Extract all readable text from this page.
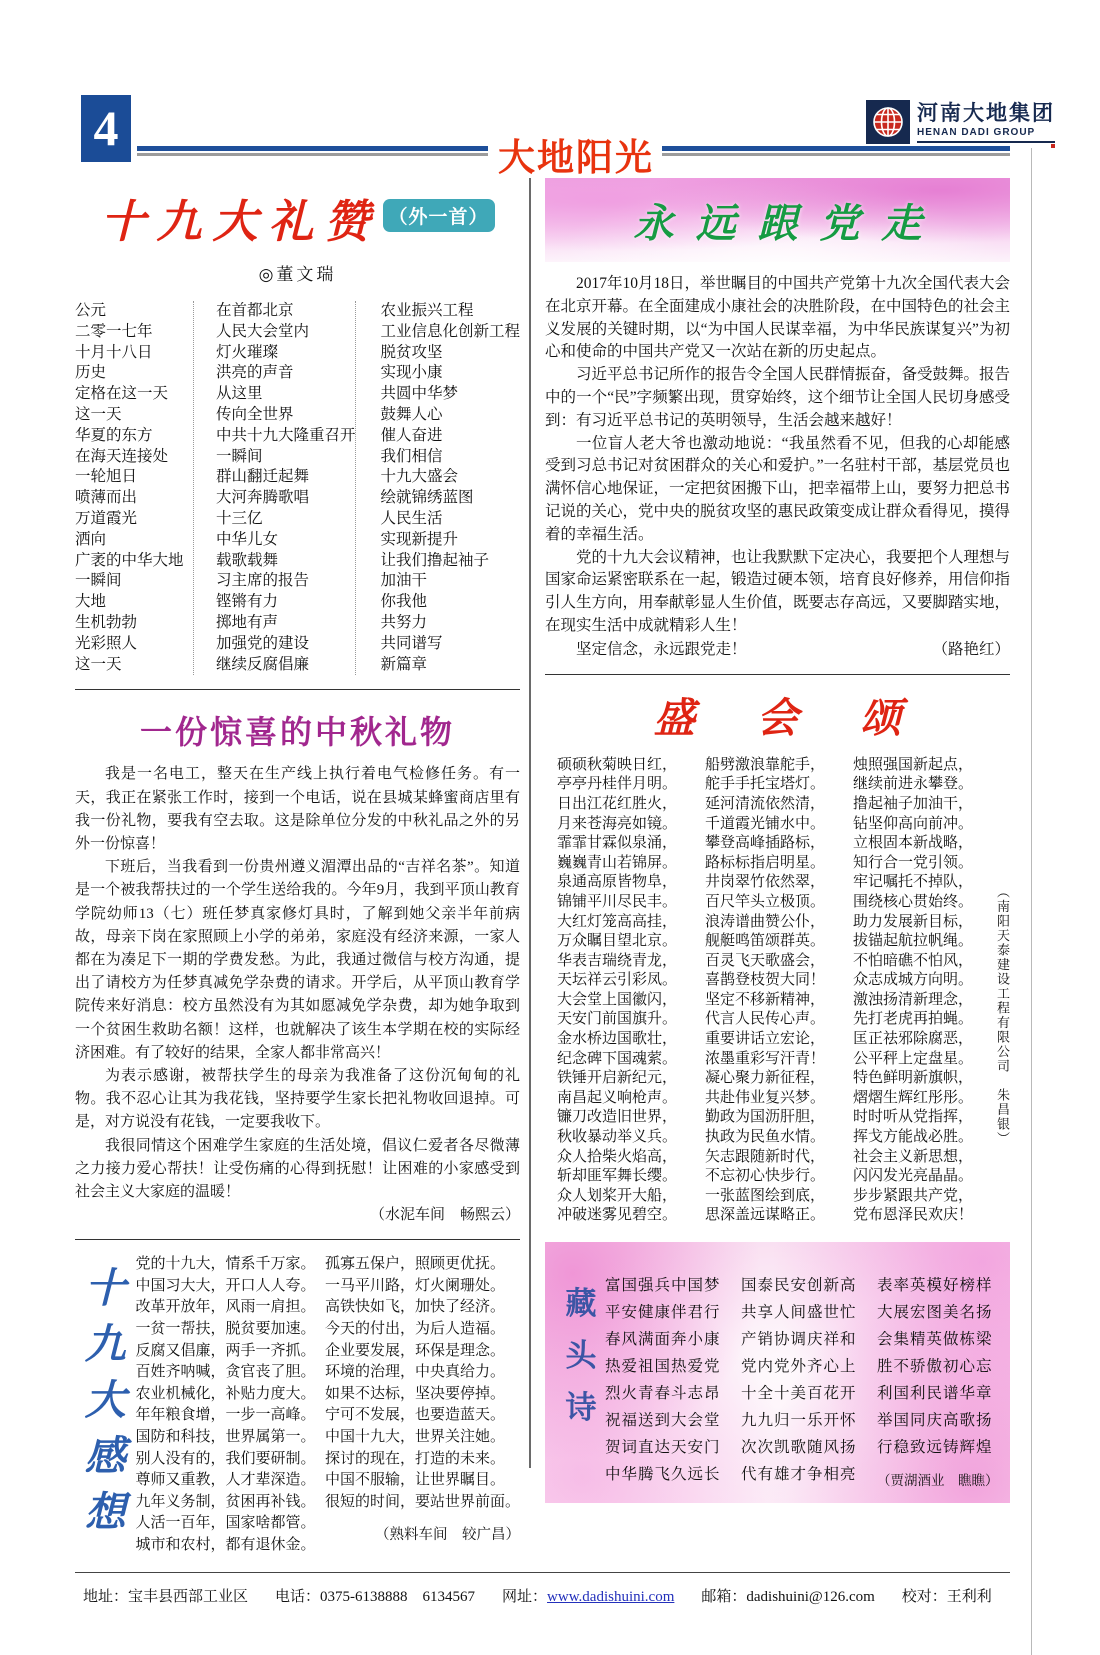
4
大地阳光
河南大地集团
HENAN DADI GROUP
十九大礼赞 （外一首）
◎董文瑞
公元
二零一七年
十月十八日
历史
定格在这一天
这一天
华夏的东方
在海天连接处
一轮旭日
喷薄而出
万道霞光
洒向
广袤的中华大地
一瞬间
大地
生机勃勃
光彩照人
这一天
在首都北京
人民大会堂内
灯火璀璨
洪亮的声音
从这里
传向全世界
中共十九大隆重召开
一瞬间
群山翻迁起舞
大河奔腾歌唱
十三亿
中华儿女
载歌载舞
习主席的报告
铿锵有力
掷地有声
加强党的建设
继续反腐倡廉
农业振兴工程
工业信息化创新工程
脱贫攻坚
实现小康
共圆中华梦
鼓舞人心
催人奋进
我们相信
十九大盛会
绘就锦绣蓝图
人民生活
实现新提升
让我们撸起袖子
加油干
你我他
共努力
共同谱写
新篇章
一份惊喜的中秋礼物
我是一名电工，整天在生产线上执行着电气检修任务。有一天，我正在紧张工作时，接到一个电话，说在县城某蜂蜜商店里有我一份礼物，要我有空去取。这是除单位分发的中秋礼品之外的另外一份惊喜！
下班后，当我看到一份贵州遵义湄潭出品的“吉祥名茶”。知道是一个被我帮扶过的一个学生送给我的。今年9月，我到平顶山教育学院幼师13（七）班任梦真家修灯具时，了解到她父亲半年前病故，母亲下岗在家照顾上小学的弟弟，家庭没有经济来源，一家人都在为凑足下一期的学费发愁。为此，我通过微信与校方沟通，提出了请校方为任梦真减免学杂费的请求。开学后，从平顶山教育学院传来好消息：校方虽然没有为其如愿减免学杂费，却为她争取到一个贫困生救助名额！这样，也就解决了该生本学期在校的实际经济困难。有了较好的结果，全家人都非常高兴！
为表示感谢，被帮扶学生的母亲为我准备了这份沉甸甸的礼物。我不忍心让其为我花钱，坚持要学生家长把礼物收回退掉。可是，对方说没有花钱，一定要我收下。
我很同情这个困难学生家庭的生活处境，倡议仁爱者各尽微薄之力接力爱心帮扶！让受伤痛的心得到抚慰！让困难的小家感受到社会主义大家庭的温暖！
（水泥车间　畅熙云）
十
九
大
感
想
党的十九大，情系千万家。
中国习大大，开口人人夸。
改革开放年，风雨一肩担。
一贫一帮扶，脱贫要加速。
反腐又倡廉，两手一齐抓。
百姓齐呐喊，贪官丧了胆。
农业机械化，补贴力度大。
年年粮食增，一步一高峰。
国防和科技，世界属第一。
别人没有的，我们要研制。
尊师又重教，人才辈深造。
九年义务制，贫困再补钱。
人活一百年，国家啥都管。
城市和农村，都有退休金。
孤寡五保户，照顾更优抚。
一马平川路，灯火阑珊处。
高铁快如飞，加快了经济。
今天的付出，为后人造福。
企业要发展，环保是理念。
环境的治理，中央真给力。
如果不达标，坚决要停掉。
宁可不发展，也要造蓝天。
中国十九大，世界关注她。
探讨的现在，打造的未来。
中国不服输，让世界瞩目。
很短的时间，要站世界前面。
（熟料车间　较广昌）
永远跟党走
2017年10月18日，举世瞩目的中国共产党第十九次全国代表大会在北京开幕。在全面建成小康社会的决胜阶段，在中国特色的社会主义发展的关键时期，以“为中国人民谋幸福，为中华民族谋复兴”为初心和使命的中国共产党又一次站在新的历史起点。
习近平总书记所作的报告令全国人民群情振奋，备受鼓舞。报告中的一个“民”字频繁出现，贯穿始终，这个细节让全国人民切身感受到：有习近平总书记的英明领导，生活会越来越好！
一位盲人老大爷也激动地说：“我虽然看不见，但我的心却能感受到习总书记对贫困群众的关心和爱护。”一名驻村干部，基层党员也满怀信心地保证，一定把贫困搬下山，把幸福带上山，要努力把总书记说的关心，党中央的脱贫攻坚的惠民政策变成让群众看得见，摸得着的幸福生活。
党的十九大会议精神，也让我默默下定决心，我要把个人理想与国家命运紧密联系在一起，锻造过硬本领，培育良好修养，用信仰指引人生方向，用奉献彰显人生价值，既要志存高远，又要脚踏实地，在现实生活中成就精彩人生！
坚定信念，永远跟党走！	（路艳红）
盛 会 颂
硕硕秋菊映日红，
亭亭丹桂伴月明。
日出江花红胜火，
月来苍海亮如镜。
霏霏甘霖似泉涌，
巍巍青山若锦屏。
泉通高原皆物阜，
锦铺平川尽民丰。
大红灯笼高高挂，
万众瞩目望北京。
华表吉瑞绕青龙，
天坛祥云引彩凤。
大会堂上国徽闪，
天安门前国旗升。
金水桥边国歌壮，
纪念碑下国魂萦。
铁锤开启新纪元，
南昌起义响枪声。
镰刀改造旧世界，
秋收暴动举义兵。
众人拾柴火焰高，
斩却匪军舞长缨。
众人划桨开大船，
冲破迷雾见碧空。
船劈激浪靠舵手，
舵手手托宝塔灯。
延河清流依然清，
千道霞光铺水中。
攀登高峰插路标，
路标标指启明星。
井岗翠竹依然翠，
百尺竿头立极顶。
浪涛谱曲赞公仆，
舰艇鸣笛颂群英。
百灵飞天歌盛会，
喜鹊登枝贺大同！
坚定不移新精神，
代言人民传心声。
重要讲话立宏论，
浓墨重彩写汗青！
凝心聚力新征程，
共赴伟业复兴梦。
勤政为国沥肝胆，
执政为民鱼水情。
矢志跟随新时代，
不忘初心快步行。
一张蓝图绘到底，
思深盖远谋略正。
烛照强国新起点，
继续前进永攀登。
撸起袖子加油干，
钻坚仰高向前冲。
立根固本新战略，
知行合一党引领。
牢记嘱托不掉队，
围绕核心贯始终。
助力发展新目标，
拔锚起航拉帆绳。
不怕暗礁不怕风，
众志成城方向明。
激浊扬清新理念，
先打老虎再拍蝇。
匡正祛邪除腐恶，
公平秤上定盘星。
特色鲜明新旗帜，
熠熠生辉红彤彤。
时时听从党指挥，
挥戈方能战必胜。
社会主义新思想，
闪闪发光亮晶晶。
步步紧跟共产党，
党布恩泽民欢庆！
（南阳天泰建设工程有限公司　朱昌银）
藏
头
诗
富国强兵中国梦
平安健康伴君行
春风满面奔小康
热爱祖国热爱党
烈火青春斗志昂
祝福送到大会堂
贺词直达天安门
中华腾飞久远长
国泰民安创新高
共享人间盛世忙
产销协调庆祥和
党内党外齐心上
十全十美百花开
九九归一乐开怀
次次凯歌随风扬
代有雄才争相亮
表率英模好榜样
大展宏图美名扬
会集精英做栋梁
胜不骄傲初心忘
利国利民谱华章
举国同庆高歌扬
行稳致远铸辉煌
（贾湖酒业　瞧瞧）
地址：宝丰县西部工业区 电话：0375-6138888　6134567 网址：www.dadishuini.com 邮箱：dadishuini@126.com 校对：王利利
